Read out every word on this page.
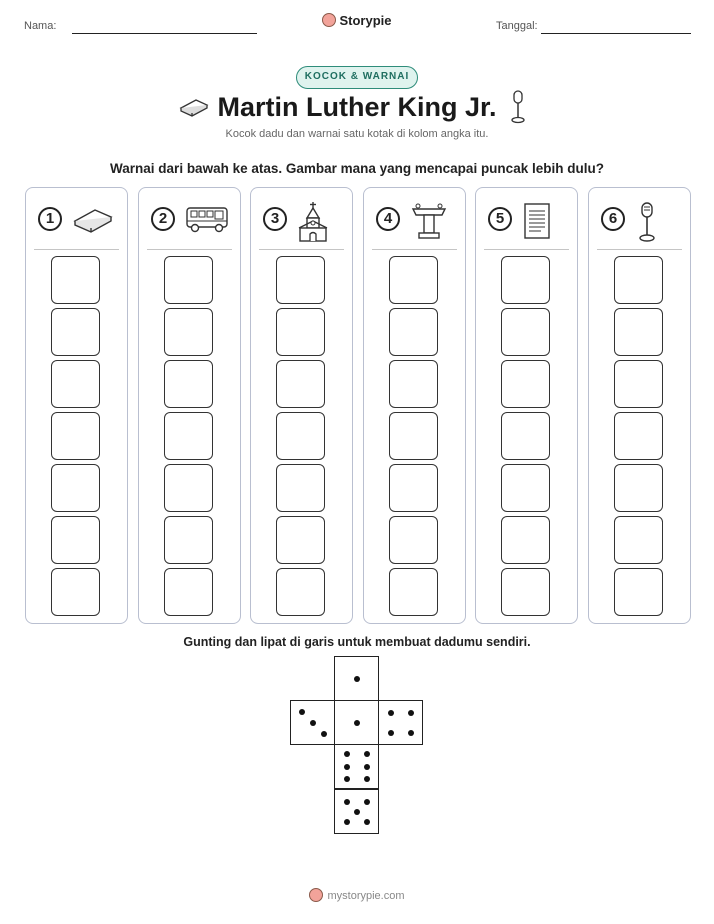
Nama:	Storypie	Tanggal:
KOCOK & WARNAI
Martin Luther King Jr.
Kocok dadu dan warnai satu kotak di kolom angka itu.
Warnai dari bawah ke atas. Gambar mana yang mencapai puncak lebih dulu?
1	2	3	4	5	6
Gunting dan lipat di garis untuk membuat dadumu sendiri.
mystorypie.com
